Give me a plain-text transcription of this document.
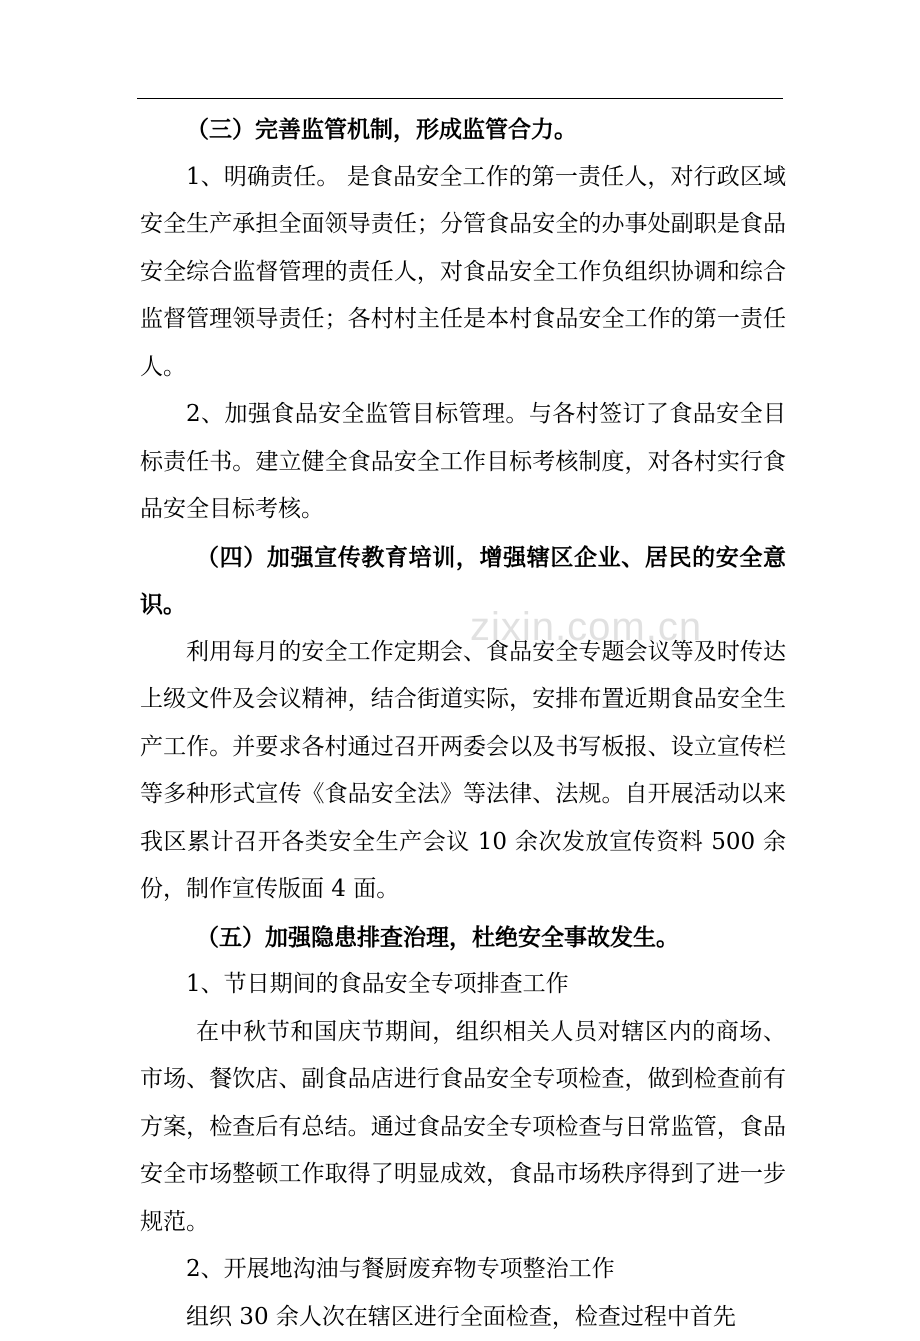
（三）完善监管机制，形成监管合力。

1、明确责任。 是食品安全工作的第一责任人，对行政区域安全生产承担全面领导责任；分管食品安全的办事处副职是食品安全综合监督管理的责任人，对食品安全工作负组织协调和综合监督管理领导责任；各村村主任是本村食品安全工作的第一责任人。

2、加强食品安全监管目标管理。与各村签订了食品安全目标责任书。建立健全食品安全工作目标考核制度，对各村实行食品安全目标考核。

（四）加强宣传教育培训，增强辖区企业、居民的安全意识。

利用每月的安全工作定期会、食品安全专题会议等及时传达上级文件及会议精神，结合街道实际，安排布置近期食品安全生产工作。并要求各村通过召开两委会以及书写板报、设立宣传栏等多种形式宣传《食品安全法》等法律、法规。自开展活动以来我区累计召开各类安全生产会议 10 余次发放宣传资料 500 余份，制作宣传版面 4 面。

（五）加强隐患排查治理，杜绝安全事故发生。

1、节日期间的食品安全专项排查工作

在中秋节和国庆节期间，组织相关人员对辖区内的商场、市场、餐饮店、副食品店进行食品安全专项检查，做到检查前有方案，检查后有总结。通过食品安全专项检查与日常监管，食品安全市场整顿工作取得了明显成效，食品市场秩序得到了进一步规范。

2、开展地沟油与餐厨废弃物专项整治工作

组织 30 余人次在辖区进行全面检查，检查过程中首先

zixin.com.cn
